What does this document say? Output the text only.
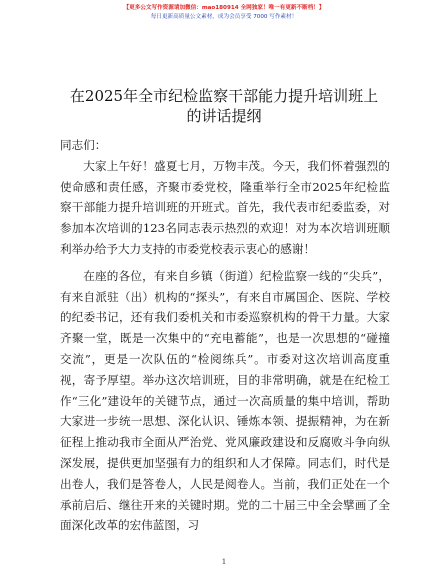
【更多公文写作资源请加微信：mao180914 全网独家！唯一有更新不断档！】
每日更新高质量公文素材，成为会员享受 7000 写作素材！
在2025年全市纪检监察干部能力提升培训班上
的讲话提纲

同志们：

大家上午好！盛夏七月，万物丰茂。今天，我们怀着强烈的使命感和责任感，齐聚市委党校，隆重举行全市2025年纪检监察干部能力提升培训班的开班式。首先，我代表市纪委监委，对参加本次培训的123名同志表示热烈的欢迎！对为本次培训班顺利举办给予大力支持的市委党校表示衷心的感谢！

在座的各位，有来自乡镇（街道）纪检监察一线的“尖兵”，有来自派驻（出）机构的“探头”，有来自市属国企、医院、学校的纪委书记，还有我们委机关和市委巡察机构的骨干力量。大家齐聚一堂，既是一次集中的“充电蓄能”，也是一次思想的“碰撞交流”，更是一次队伍的“检阅练兵”。市委对这次培训高度重视，寄予厚望。举办这次培训班，目的非常明确，就是在纪检工作“三化”建设年的关键节点，通过一次高质量的集中培训，帮助大家进一步统一思想、深化认识、锤炼本领、提振精神，为在新征程上推动我市全面从严治党、党风廉政建设和反腐败斗争向纵深发展，提供更加坚强有力的组织和人才保障。同志们，时代是出卷人，我们是答卷人，人民是阅卷人。当前，我们正处在一个承前启后、继往开来的关键时期。党的二十届三中全会擘画了全面深化改革的宏伟蓝图，习

1
